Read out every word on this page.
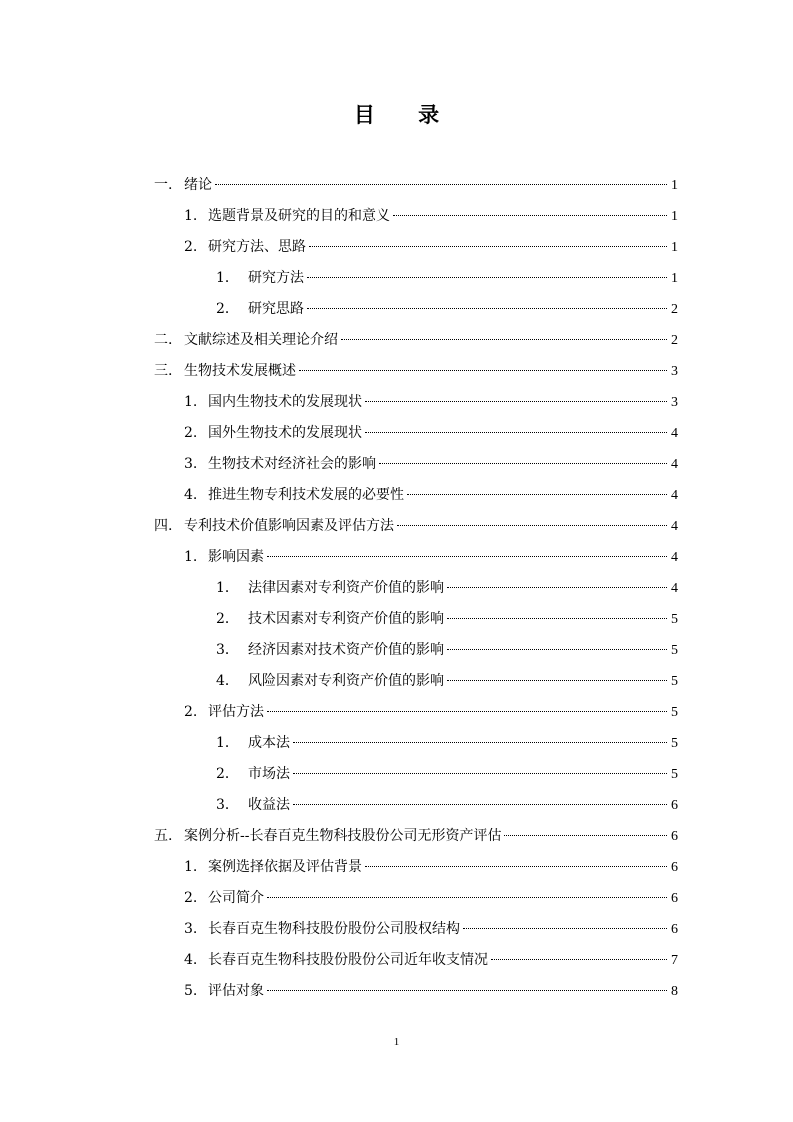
目 录
一. 绪论	1
1. 选题背景及研究的目的和意义	1
2. 研究方法、思路	1
1． 研究方法	1
2． 研究思路	2
二. 文献综述及相关理论介绍	2
三. 生物技术发展概述	3
1. 国内生物技术的发展现状	3
2. 国外生物技术的发展现状	4
3. 生物技术对经济社会的影响	4
4. 推进生物专利技术发展的必要性	4
四. 专利技术价值影响因素及评估方法	4
1. 影响因素	4
1． 法律因素对专利资产价值的影响	4
2． 技术因素对专利资产价值的影响	5
3． 经济因素对技术资产价值的影响	5
4． 风险因素对专利资产价值的影响	5
2. 评估方法	5
1． 成本法	5
2． 市场法	5
3． 收益法	6
五. 案例分析--长春百克生物科技股份公司无形资产评估	6
1. 案例选择依据及评估背景	6
2. 公司简介	6
3. 长春百克生物科技股份股份公司股权结构	6
4. 长春百克生物科技股份股份公司近年收支情况	7
5. 评估对象	8
1
